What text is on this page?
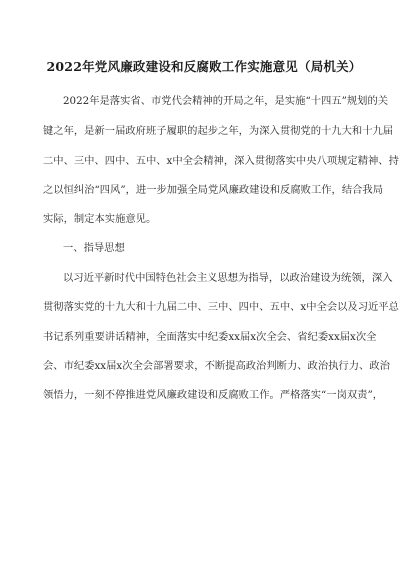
2022年党风廉政建设和反腐败工作实施意见（局机关）
2022年是落实省、市党代会精神的开局之年，是实施“十四五”规划的关
键之年，是新一届政府班子履职的起步之年，为深入贯彻党的十九大和十九届
二中、三中、四中、五中、x中全会精神，深入贯彻落实中央八项规定精神、持
之以恒纠治“四风”，进一步加强全局党风廉政建设和反腐败工作，结合我局
实际，制定本实施意见。
一、指导思想
以习近平新时代中国特色社会主义思想为指导，以政治建设为统领，深入
贯彻落实党的十九大和十九届二中、三中、四中、五中、x中全会以及习近平总
书记系列重要讲话精神，全面落实中纪委xx届x次全会、省纪委xx届x次全
会、市纪委xx届x次全会部署要求，不断提高政治判断力、政治执行力、政治
领悟力，一刻不停推进党风廉政建设和反腐败工作。严格落实“一岗双责”，
